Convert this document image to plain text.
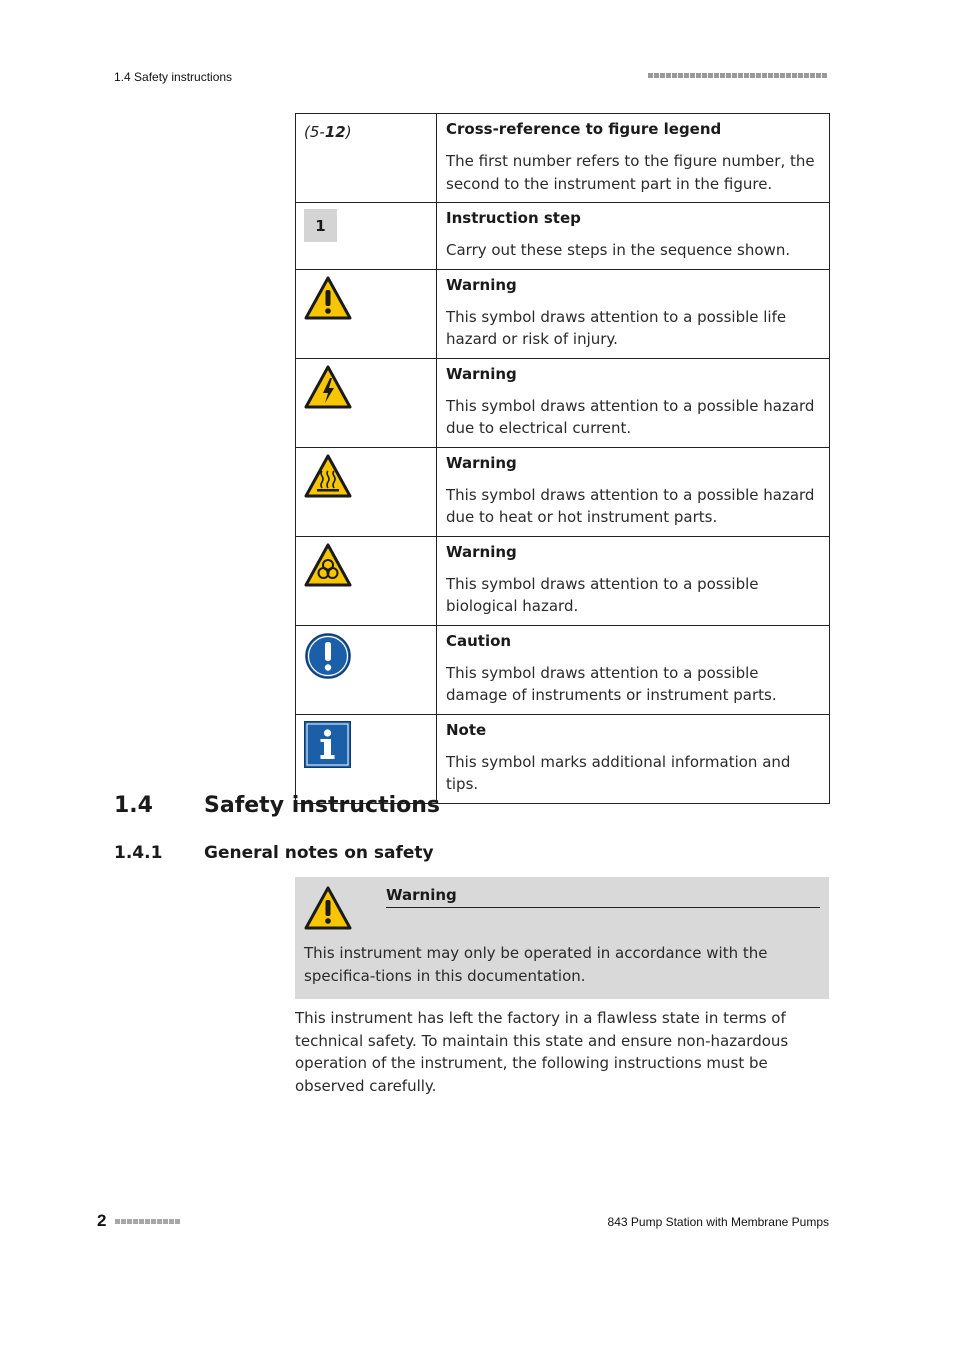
1.4 Safety instructions
(5-12)	Cross-reference to figure legend
The first number refers to the figure number, the second to the instrument part in the figure.

1	Instruction step
Carry out these steps in the sequence shown.

Warning
This symbol draws attention to a possible life hazard or risk of injury.

Warning
This symbol draws attention to a possible hazard due to electrical current.

Warning
This symbol draws attention to a possible hazard due to heat or hot instrument parts.

Warning
This symbol draws attention to a possible biological hazard.

Caution
This symbol draws attention to a possible damage of instruments or instrument parts.

Note
This symbol marks additional information and tips.
1.4 Safety instructions
1.4.1 General notes on safety
Warning
This instrument may only be operated in accordance with the specifica-tions in this documentation.
This instrument has left the factory in a flawless state in terms of technical safety. To maintain this state and ensure non-hazardous operation of the instrument, the following instructions must be observed carefully.
2	843 Pump Station with Membrane Pumps
